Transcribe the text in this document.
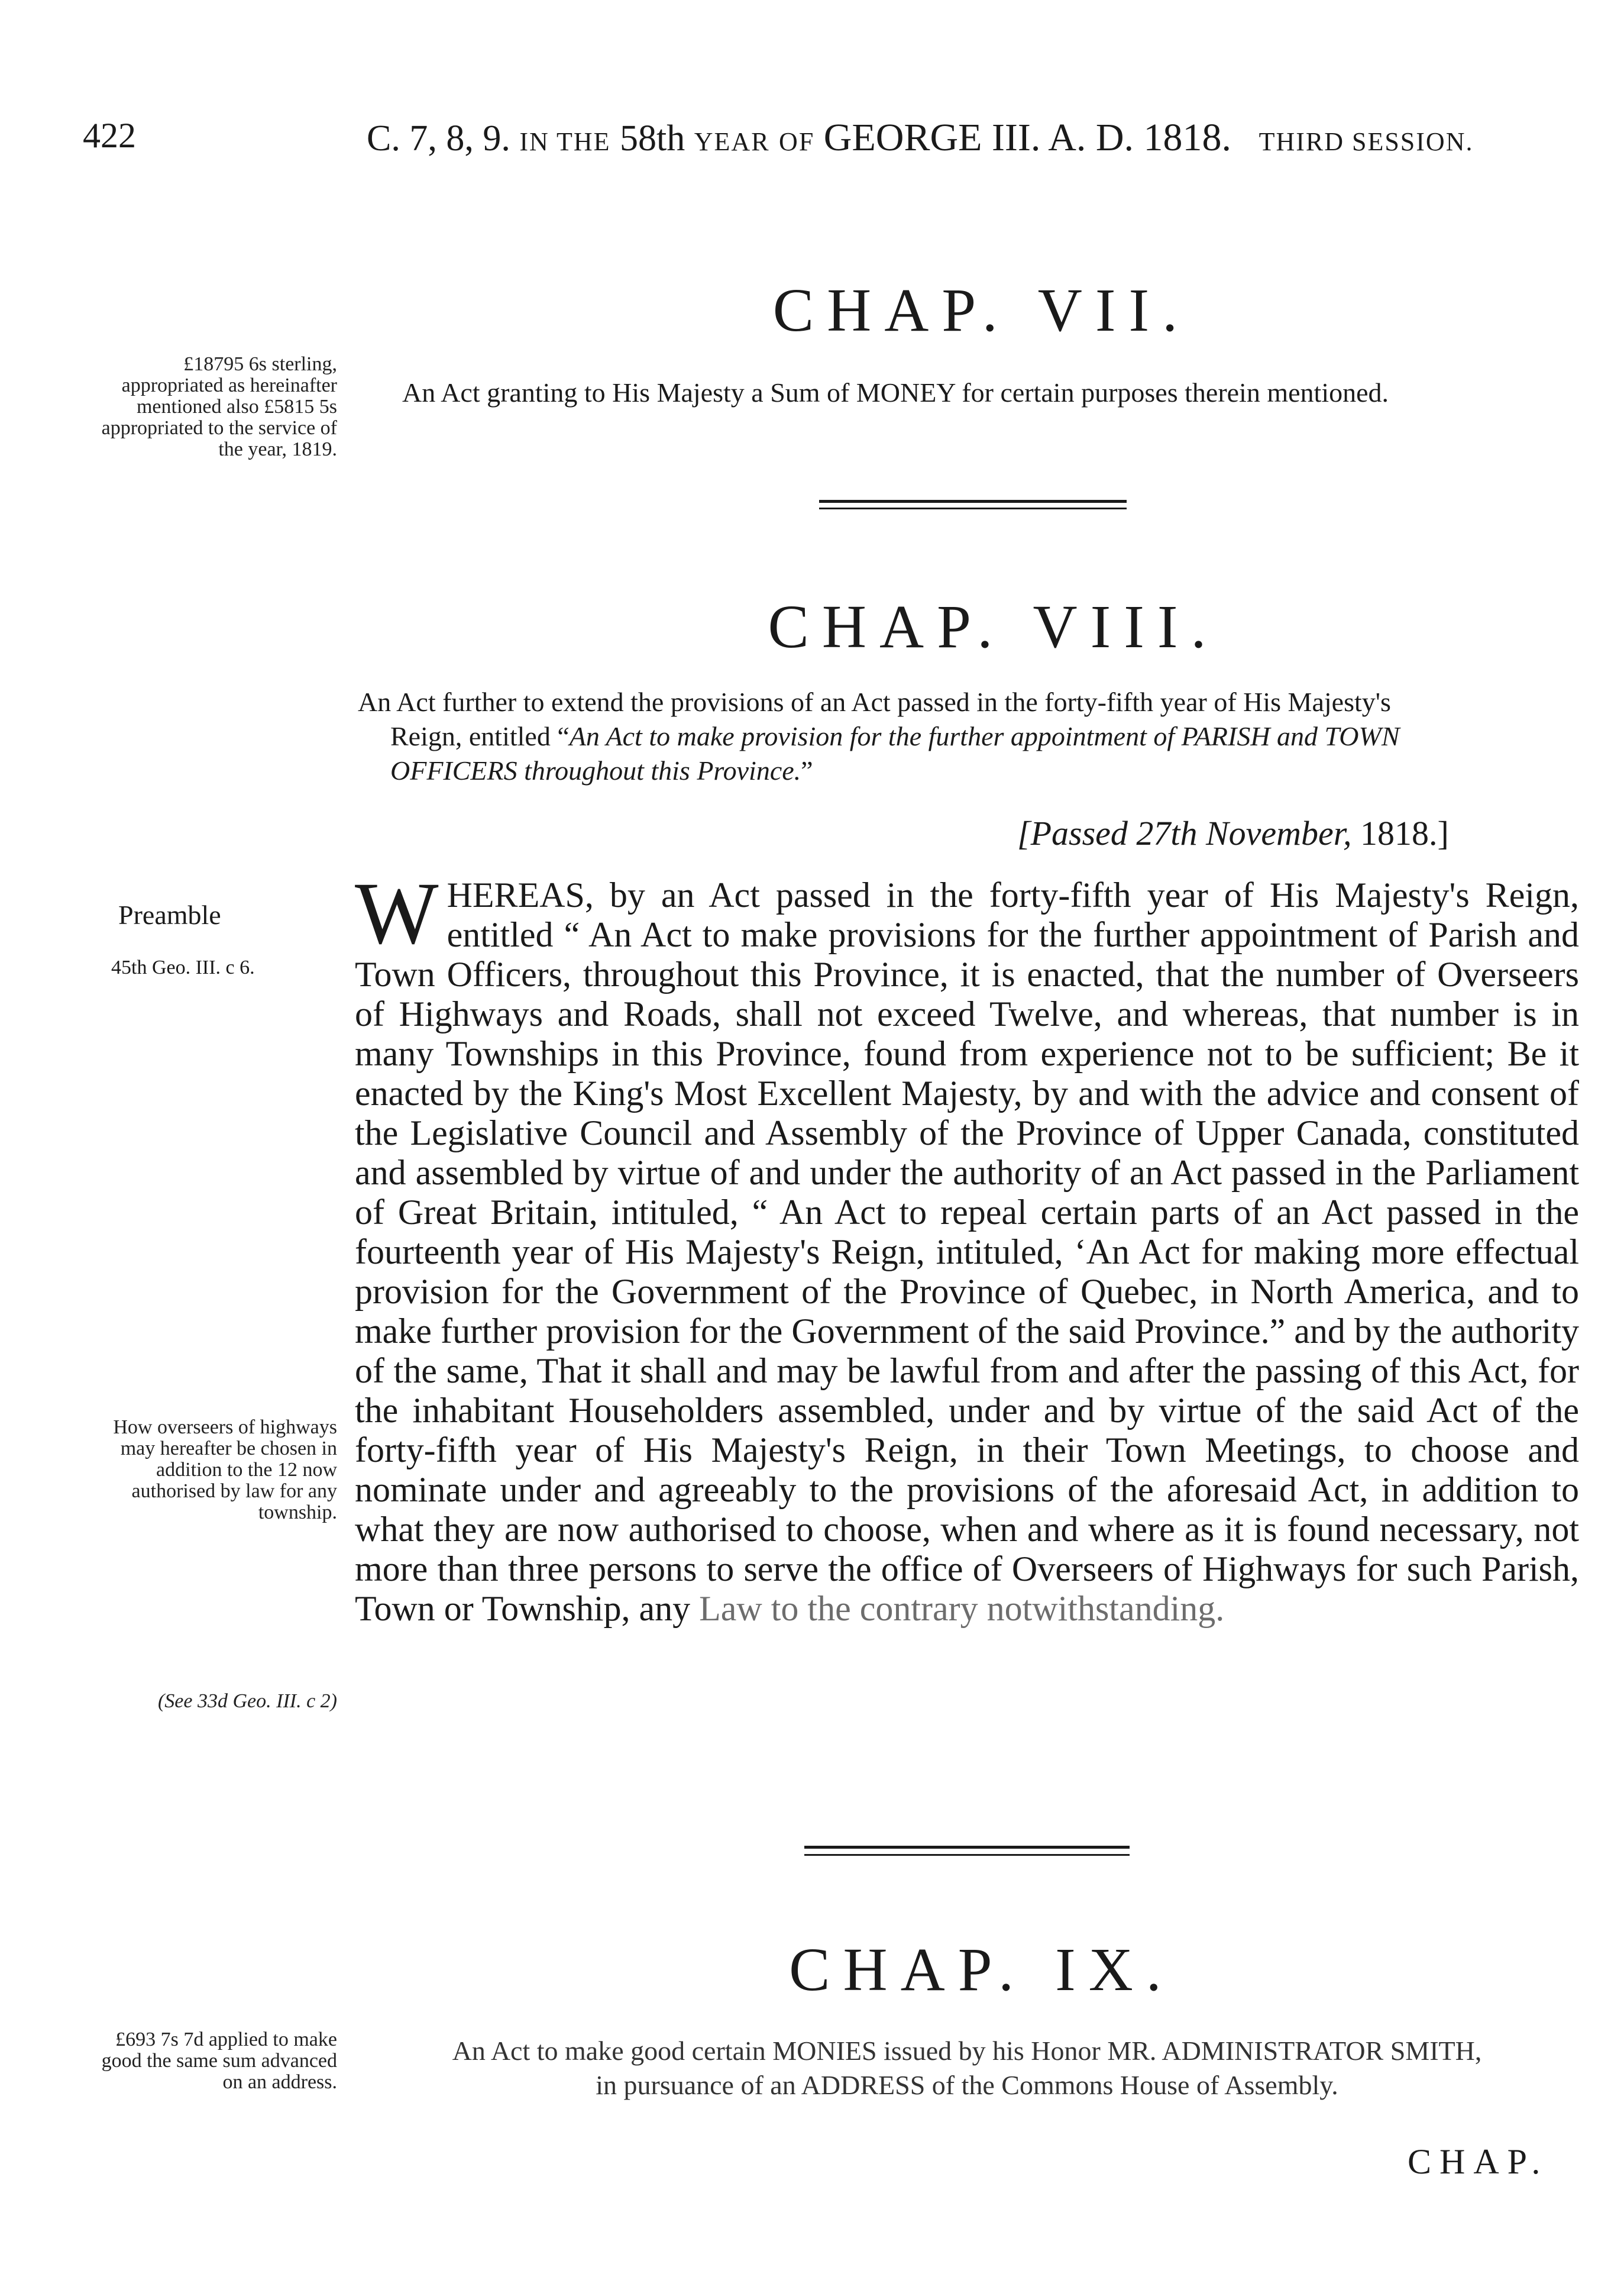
422	C. 7, 8, 9. IN THE 58th YEAR OF GEORGE III. A. D. 1818. THIRD SESSION.
CHAP. VII.
£18795 6s sterling, appropriated as hereinafter mentioned also £5815 5s appropriated to the service of the year, 1819.
An Act granting to His Majesty a Sum of MONEY for certain purposes therein mentioned.
CHAP. VIII.
An Act further to extend the provisions of an Act passed in the forty-fifth year of His Majesty's
Reign, entitled “An Act to make provision for the further appointment of PARISH and TOWN
OFFICERS throughout this Province.”
[Passed 27th November, 1818.]
Preamble
45th Geo. III. c 6.
How overseers of highways may hereafter be chosen in addition to the 12 now authorised by law for any township.
(See 33d Geo. III. c 2)
WHEREAS, by an Act passed in the forty-fifth year of His Majesty's Reign, entitled “ An Act to make provisions for the further appointment of Parish and Town Officers, throughout this Province, it is enacted, that the number of Overseers of Highways and Roads, shall not exceed Twelve, and whereas, that number is in many Townships in this Province, found from experience not to be sufficient; Be it enacted by the King's Most Excellent Majesty, by and with the advice and consent of the Legislative Council and Assembly of the Province of Upper Canada, constituted and assembled by virtue of and under the authority of an Act passed in the Parliament of Great Britain, intituled, “ An Act to repeal certain parts of an Act passed in the fourteenth year of His Majesty's Reign, intituled, ‘An Act for making more effectual provision for the Government of the Province of Quebec, in North America, and to make further provision for the Government of the said Province.” and by the authority of the same, That it shall and may be lawful from and after the passing of this Act, for the inhabitant Householders assembled, under and by virtue of the said Act of the forty-fifth year of His Majesty's Reign, in their Town Meetings, to choose and nominate under and agreeably to the provisions of the aforesaid Act, in addition to what they are now authorised to choose, when and where as it is found necessary, not more than three persons to serve the office of Overseers of Highways for such Parish, Town or Township, any Law to the contrary notwithstanding.
CHAP. IX.
£693 7s 7d applied to make good the same sum advanced on an address.
An Act to make good certain MONIES issued by his Honor MR. ADMINISTRATOR SMITH,
in pursuance of an ADDRESS of the Commons House of Assembly.
CHAP.
